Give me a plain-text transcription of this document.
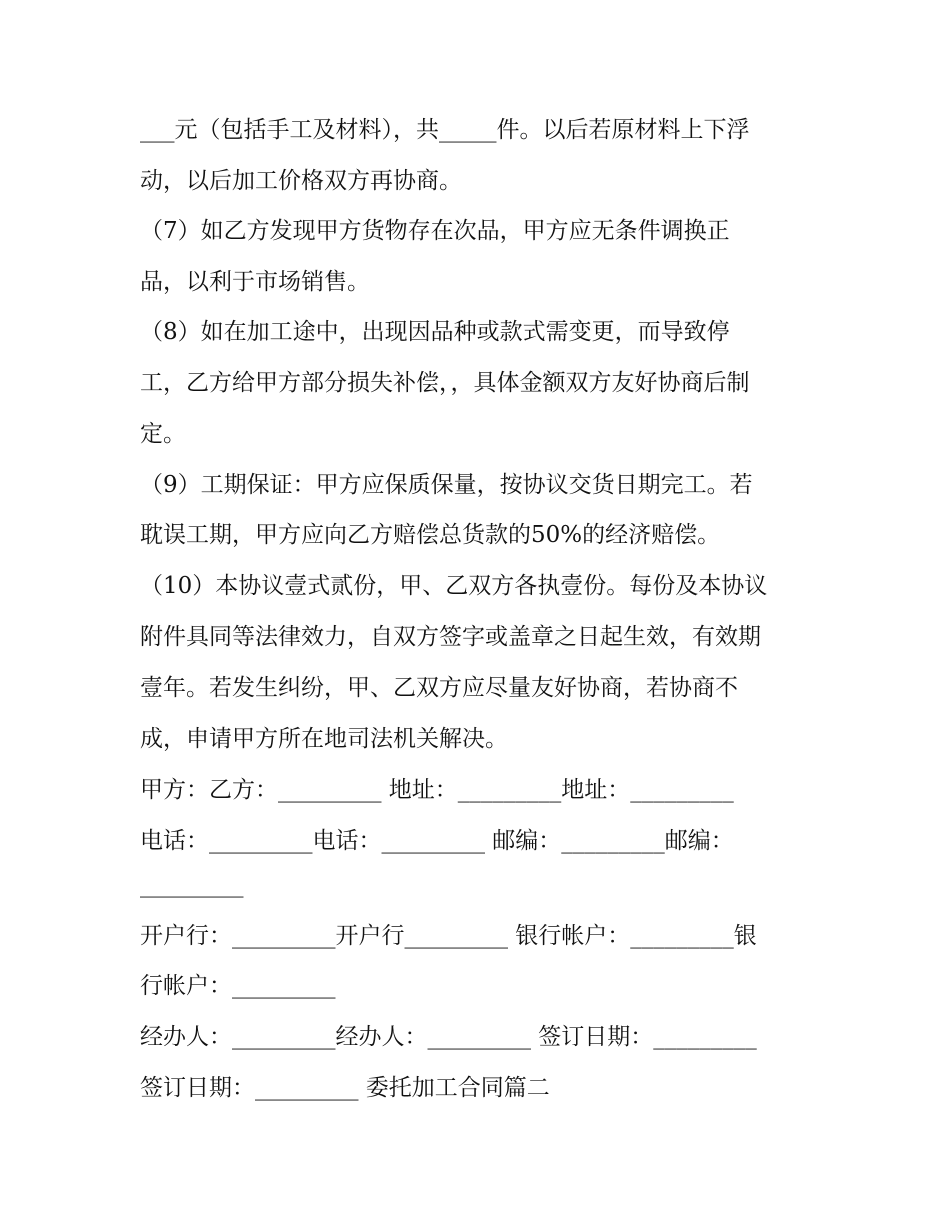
___元（包括手工及材料），共_____件。以后若原材料上下浮
动，以后加工价格双方再协商。
（7）如乙方发现甲方货物存在次品，甲方应无条件调换正
品，以利于市场销售。
（8）如在加工途中，出现因品种或款式需变更，而导致停
工，乙方给甲方部分损失补偿，，具体金额双方友好协商后制
定。
（9）工期保证：甲方应保质保量，按协议交货日期完工。若
耽误工期，甲方应向乙方赔偿总货款的50%的经济赔偿。
（10）本协议壹式贰份，甲、乙双方各执壹份。每份及本协议
附件具同等法律效力，自双方签字或盖章之日起生效，有效期
壹年。若发生纠纷，甲、乙双方应尽量友好协商，若协商不
成，申请甲方所在地司法机关解决。
甲方：乙方：_________ 地址：_________地址：_________
电话：_________电话：_________ 邮编：_________邮编：
_________
开户行：_________开户行_________ 银行帐户：_________银
行帐户：_________
经办人：_________经办人：_________ 签订日期：_________
签订日期：_________ 委托加工合同篇二
